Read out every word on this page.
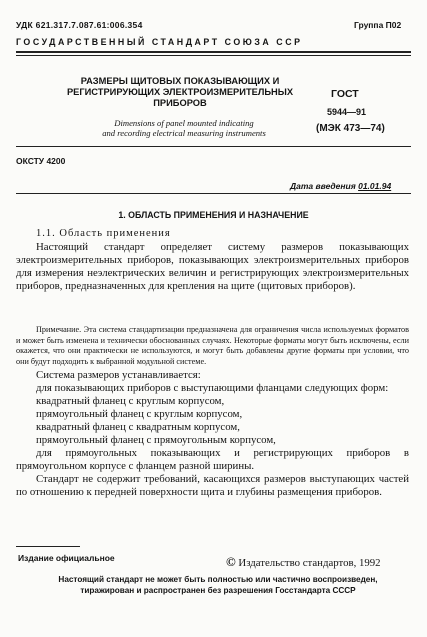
УДК 621.317.7.087.61:006.354	Группа П02
ГОСУДАРСТВЕННЫЙ СТАНДАРТ СОЮЗА ССР
РАЗМЕРЫ ЩИТОВЫХ ПОКАЗЫВАЮЩИХ И
РЕГИСТРИРУЮЩИХ ЭЛЕКТРОИЗМЕРИТЕЛЬНЫХ
ПРИБОРОВ
Dimensions of panel mounted indicating
and recording electrical measuring instruments
ГОСТ
5944—91
(МЭК 473—74)
ОКСТУ 4200
Дата введения 01.01.94
1. ОБЛАСТЬ ПРИМЕНЕНИЯ И НАЗНАЧЕНИЕ
1.1. Область применения

Настоящий стандарт определяет систему размеров показывающих электроизмерительных приборов, показывающих электроизмерительных приборов для измерения неэлектрических величин и регистрирующих электроизмерительных приборов, предназначенных для крепления на щите (щитовых приборов).

Примечание. Эта система стандартизации предназначена для ограничения числа используемых форматов и может быть изменена и технически обоснованных случаях. Некоторые форматы могут быть исключены, если окажется, что они практически не используются, и могут быть добавлены другие форматы при условии, что они будут подходить к выбранной модульной системе.

Система размеров устанавливается:

для показывающих приборов с выступающими фланцами следующих форм:

квадратный фланец с круглым корпусом,

прямоугольный фланец с круглым корпусом,

квадратный фланец с квадратным корпусом,

прямоугольный фланец с прямоугольным корпусом,

для прямоугольных показывающих и регистрирующих приборов в прямоугольном корпусе с фланцем разной ширины.

Стандарт не содержит требований, касающихся размеров выступающих частей по отношению к передней поверхности щита и глубины размещения приборов.

Издание официальное	© Издательство стандартов, 1992
Настоящий стандарт не может быть полностью или частично воспроизведен,
тиражирован и распространен без разрешения Госстандарта СССР
